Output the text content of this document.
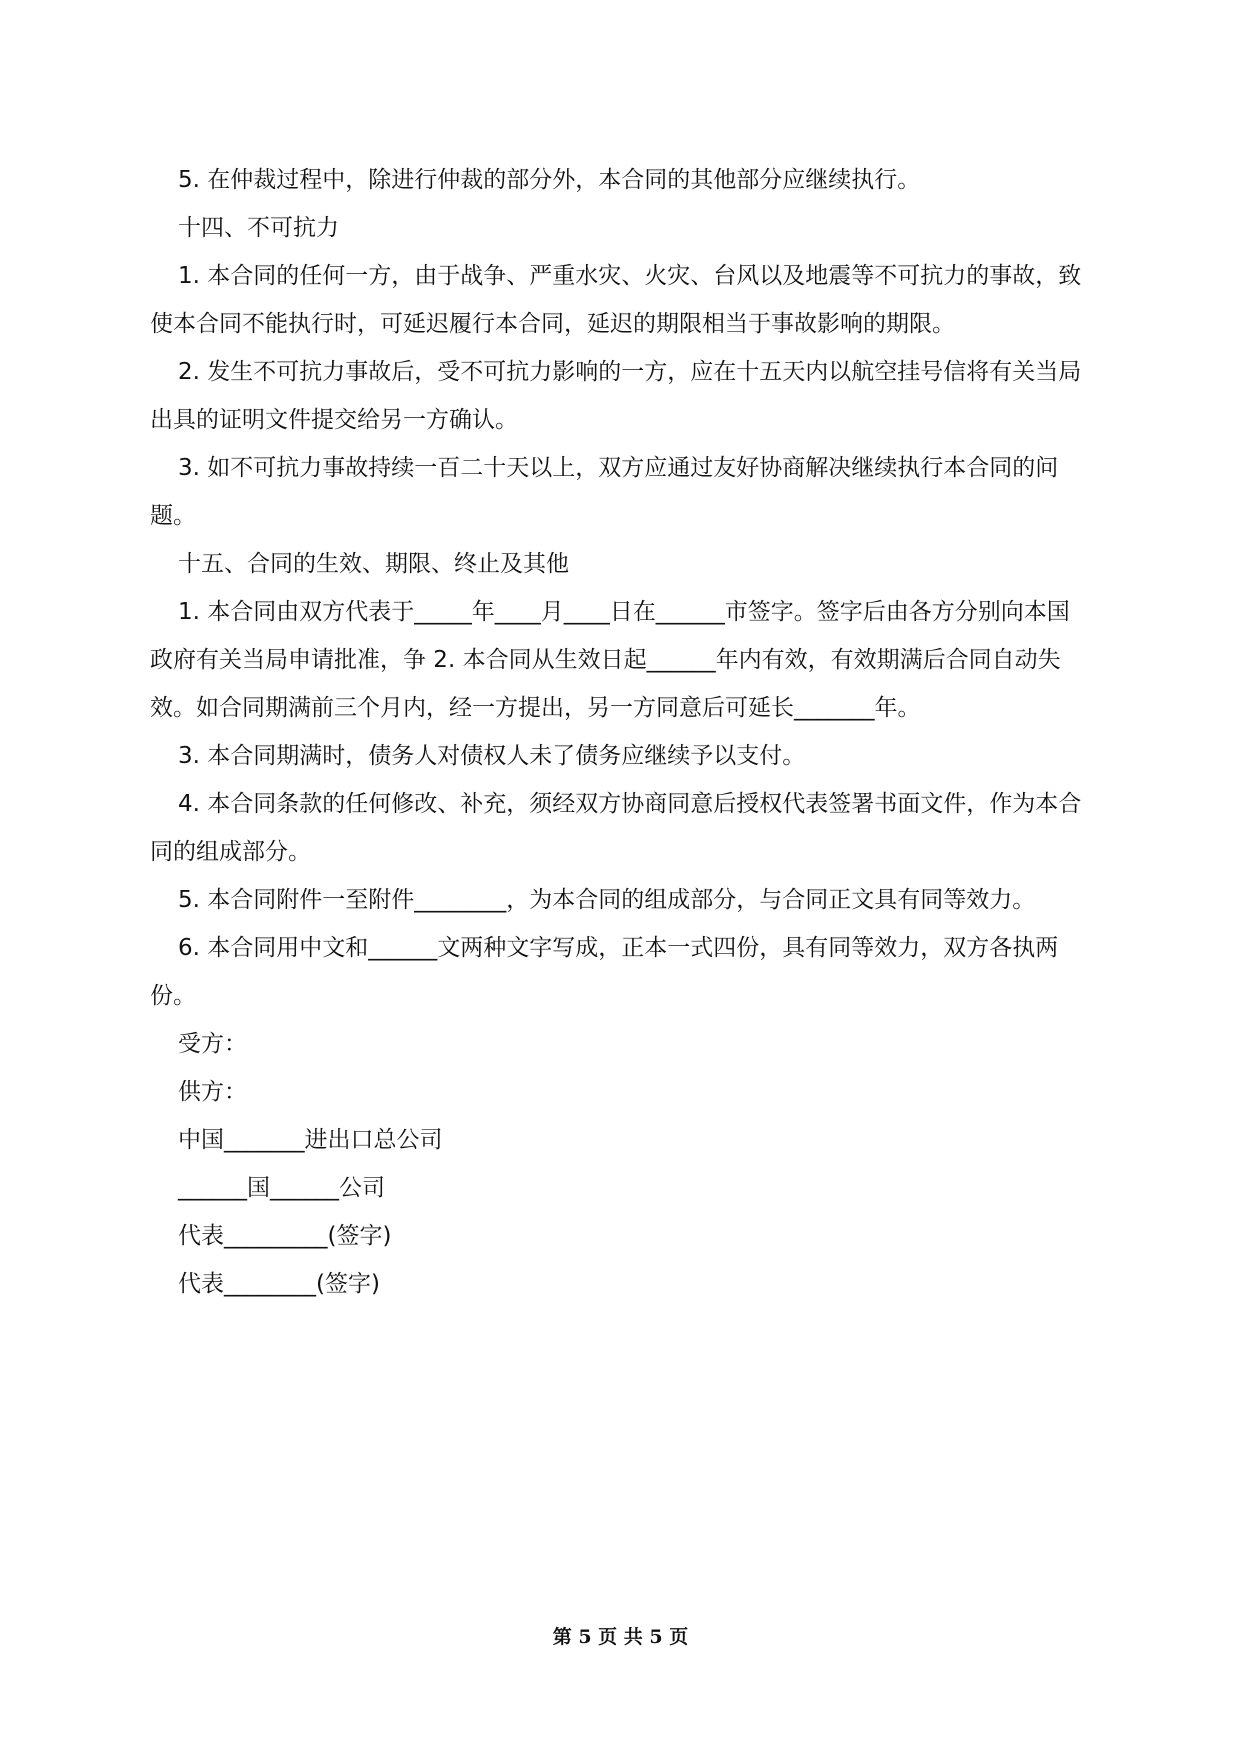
5. 在仲裁过程中，除进行仲裁的部分外，本合同的其他部分应继续执行。

十四、不可抗力

1. 本合同的任何一方，由于战争、严重水灾、火灾、台风以及地震等不可抗力的事故，致使本合同不能执行时，可延迟履行本合同，延迟的期限相当于事故影响的期限。

2. 发生不可抗力事故后，受不可抗力影响的一方，应在十五天内以航空挂号信将有关当局出具的证明文件提交给另一方确认。

3. 如不可抗力事故持续一百二十天以上，双方应通过友好协商解决继续执行本合同的问题。

十五、合同的生效、期限、终止及其他

1. 本合同由双方代表于_____年____月____日在______市签字。签字后由各方分别向本国政府有关当局申请批准，争 2. 本合同从生效日起______年内有效，有效期满后合同自动失效。如合同期满前三个月内，经一方提出，另一方同意后可延长_______年。

3. 本合同期满时，债务人对债权人未了债务应继续予以支付。

4. 本合同条款的任何修改、补充，须经双方协商同意后授权代表签署书面文件，作为本合同的组成部分。

5. 本合同附件一至附件________，为本合同的组成部分，与合同正文具有同等效力。

6. 本合同用中文和______文两种文字写成，正本一式四份，具有同等效力，双方各执两份。

受方：

供方：

中国_______进出口总公司

______国______公司

代表_________(签字)

代表________(签字)

第 5 页 共 5 页
